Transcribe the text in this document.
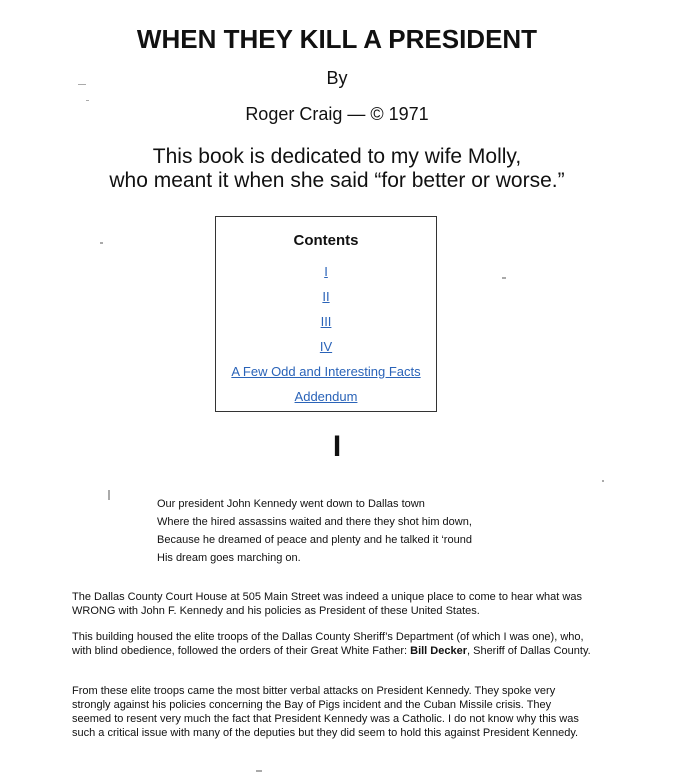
WHEN THEY KILL A PRESIDENT
By
Roger Craig — © 1971
This book is dedicated to my wife Molly,
who meant it when she said “for better or worse.”
Contents
I
II
III
IV
A Few Odd and Interesting Facts
Addendum
I
Our president John Kennedy went down to Dallas town
Where the hired assassins waited and there they shot him down,
Because he dreamed of peace and plenty and he talked it ‘round
His dream goes marching on.
The Dallas County Court House at 505 Main Street was indeed a unique place to come to hear what was WRONG with John F. Kennedy and his policies as President of these United States.
This building housed the elite troops of the Dallas County Sheriff’s Department (of which I was one), who, with blind obedience, followed the orders of their Great White Father: Bill Decker, Sheriff of Dallas County.
From these elite troops came the most bitter verbal attacks on President Kennedy. They spoke very strongly against his policies concerning the Bay of Pigs incident and the Cuban Missile crisis. They seemed to resent very much the fact that President Kennedy was a Catholic. I do not know why this was such a critical issue with many of the deputies but they did seem to hold this against President Kennedy.
